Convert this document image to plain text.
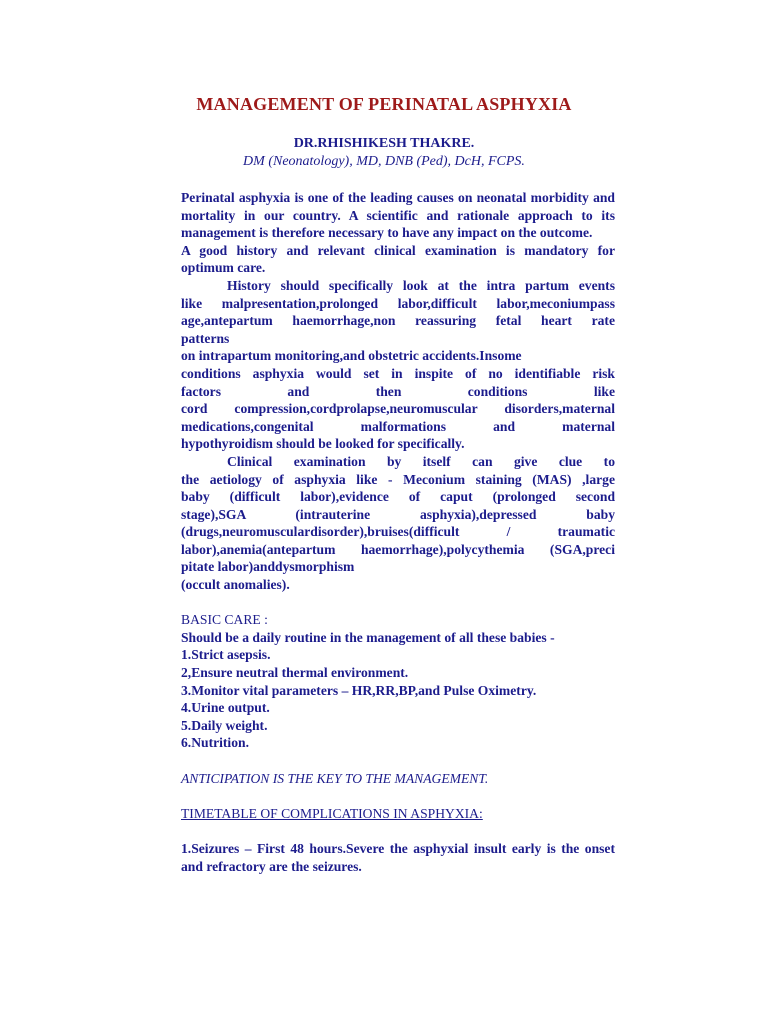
MANAGEMENT OF PERINATAL ASPHYXIA
DR.RHISHIKESH THAKRE.
DM (Neonatology), MD, DNB (Ped), DcH, FCPS.

Perinatal asphyxia is one of the leading causes on neonatal morbidity and mortality in our country. A scientific and rationale approach to its management is therefore necessary to have any impact on the outcome.

A good history and relevant clinical examination is mandatory for optimum care.

History should specifically look at the intra partum events

like malpresentation,prolonged labor,difficult labor,meconiumpass

age,antepartum haemorrhage,non reassuring fetal heart rate

patterns

on intrapartum monitoring,and obstetric accidents.Insome

conditions asphyxia would set in inspite of no identifiable risk

factors and then conditions like

cord compression,cordprolapse,neuromuscular disorders,maternal

medications,congenital malformations and maternal

hypothyroidism should be looked for specifically.

Clinical examination by itself can give clue to

the aetiology of asphyxia like - Meconium staining (MAS) ,large

baby (difficult labor),evidence of caput (prolonged second

stage),SGA (intrauterine asphyxia),depressed baby

(drugs,neuromusculardisorder),bruises(difficult / traumatic

labor),anemia(antepartum haemorrhage),polycythemia (SGA,preci

pitate labor)anddysmorphism

(occult anomalies).

BASIC CARE :

Should be a daily routine in the management of all these babies -

1.Strict asepsis.

2,Ensure neutral thermal environment.

3.Monitor vital parameters – HR,RR,BP,and Pulse Oximetry.

4.Urine output.

5.Daily weight.

6.Nutrition.

ANTICIPATION IS THE KEY TO THE MANAGEMENT.

TIMETABLE OF COMPLICATIONS IN ASPHYXIA:

1.Seizures – First 48 hours.Severe the asphyxial insult early is the onset and refractory are the seizures.
